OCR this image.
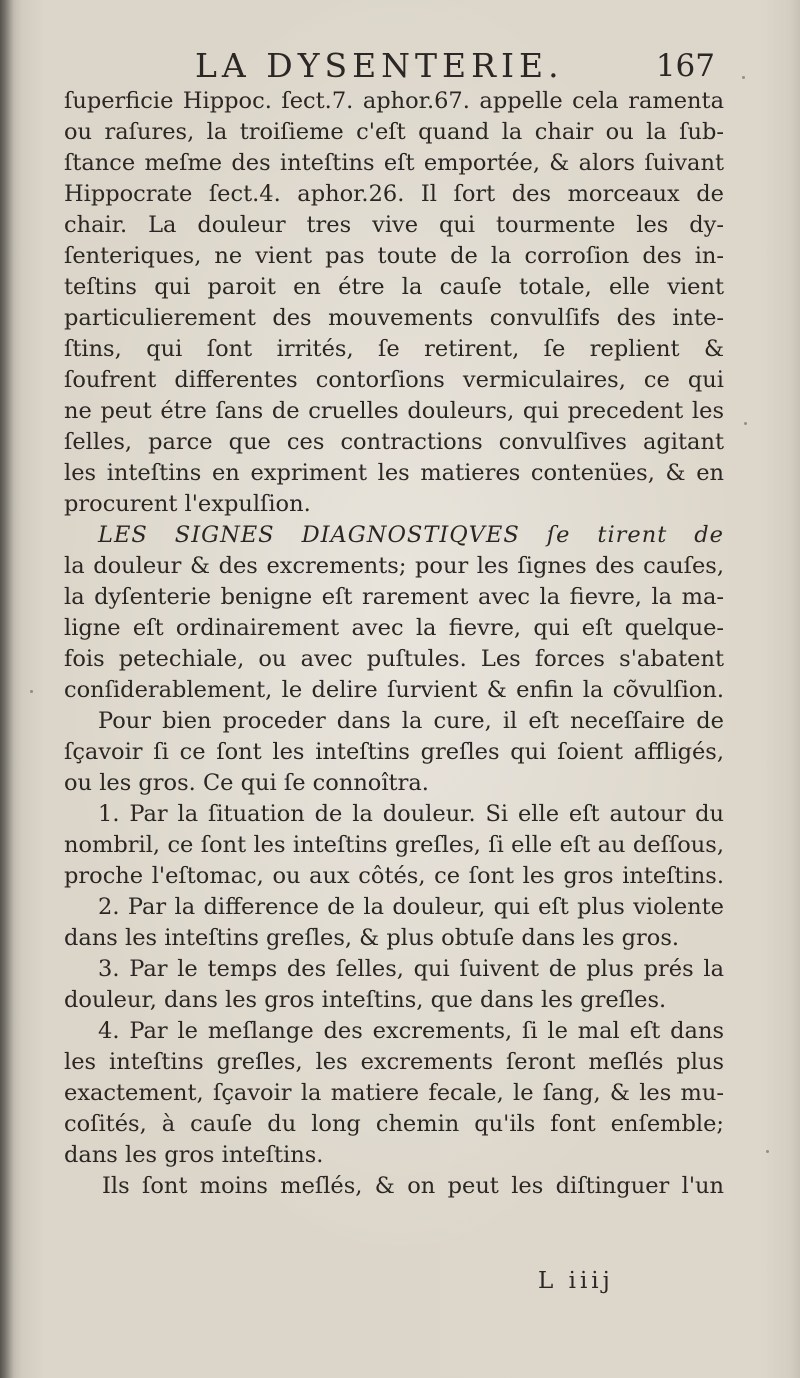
LA DYSENTERIE.	167
ſuperficie Hippoc. ſect.7. aphor.67. appelle cela ramenta
ou raſures, la troiſieme c'eſt quand la chair ou la ſub-
ſtance meſme des inteſtins eſt emportée, & alors ſuivant
Hippocrate ſect.4. aphor.26. Il ſort des morceaux de
chair. La douleur tres vive qui tourmente les dy-
ſenteriques, ne vient pas toute de la corroſion des in-
teſtins qui paroit en étre la cauſe totale, elle vient
particulierement des mouvements convulſifs des inte-
ſtins, qui ſont irrités, ſe retirent, ſe replient &
ſoufrent differentes contorſions vermiculaires, ce qui
ne peut étre ſans de cruelles douleurs, qui precedent les
ſelles, parce que ces contractions convulſives agitant
les inteſtins en expriment les matieres contenües, & en
procurent l'expulſion.
LES SIGNES DIAGNOSTIQVES ſe tirent de
la douleur & des excrements; pour les ſignes des cauſes,
la dyſenterie benigne eſt rarement avec la fievre, la ma-
ligne eſt ordinairement avec la fievre, qui eſt quelque-
fois petechiale, ou avec puſtules. Les forces s'abatent
conſiderablement, le delire ſurvient & enfin la cõvulſion.
Pour bien proceder dans la cure, il eſt neceſſaire de
ſçavoir ſi ce ſont les inteſtins greſles qui ſoient affligés,
ou les gros. Ce qui ſe connoîtra.
1. Par la ſituation de la douleur. Si elle eſt autour du
nombril, ce ſont les inteſtins greſles, ſi elle eſt au deſſous,
proche l'eſtomac, ou aux côtés, ce ſont les gros inteſtins.
2. Par la difference de la douleur, qui eſt plus violente
dans les inteſtins greſles, & plus obtuſe dans les gros.
3. Par le temps des ſelles, qui ſuivent de plus prés la
douleur, dans les gros inteſtins, que dans les greſles.
4. Par le meſlange des excrements, ſi le mal eſt dans
les inteſtins greſles, les excrements ſeront meſlés plus
exactement, ſçavoir la matiere fecale, le ſang, & les mu-
coſités, à cauſe du long chemin qu'ils font enſemble;
dans les gros inteſtins.
Ils ſont moins meſlés, & on peut les diſtinguer l'un
L iiij
